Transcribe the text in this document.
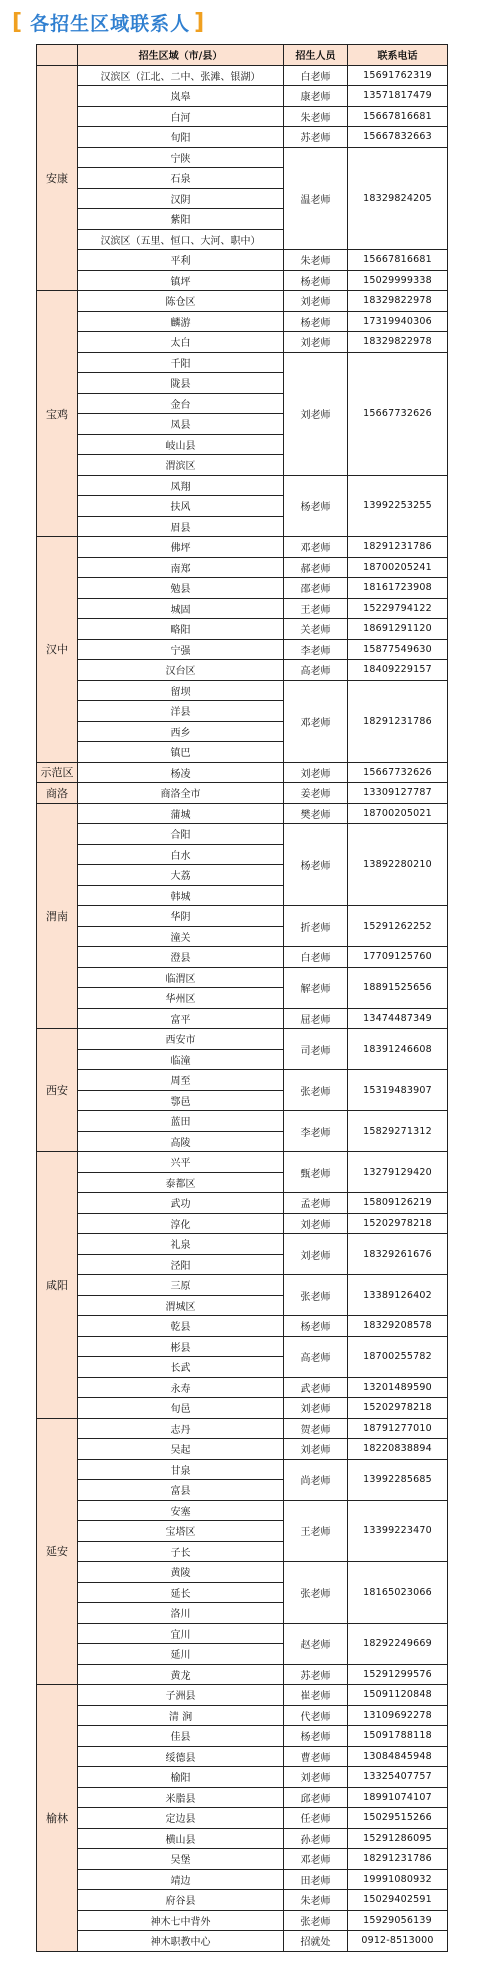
[ 各招生区域联系人 ]
	招生区域（市/县）	招生人员	联系电话
安康	汉滨区（江北、二中、张滩、银湖）	白老师	15691762319
	岚皋	康老师	13571817479
	白河	朱老师	15667816681
	旬阳	苏老师	15667832663
	宁陕	温老师	18329824205
	石泉		
	汉阴		
	紫阳		
	汉滨区（五里、恒口、大河、职中）		
	平利	朱老师	15667816681
	镇坪	杨老师	15029999338
宝鸡	陈仓区	刘老师	18329822978
	麟游	杨老师	17319940306
	太白	刘老师	18329822978
	千阳	刘老师	15667732626
	陇县		
	金台		
	凤县		
	岐山县		
	渭滨区		
	凤翔	杨老师	13992253255
	扶风		
	眉县		
汉中	佛坪	邓老师	18291231786
	南郑	郝老师	18700205241
	勉县	邵老师	18161723908
	城固	王老师	15229794122
	略阳	关老师	18691291120
	宁强	李老师	15877549630
	汉台区	高老师	18409229157
	留坝	邓老师	18291231786
	洋县		
	西乡		
	镇巴		
示范区	杨凌	刘老师	15667732626
商洛	商洛全市	姜老师	13309127787
渭南	蒲城	樊老师	18700205021
	合阳	杨老师	13892280210
	白水		
	大荔		
	韩城		
	华阴	折老师	15291262252
	潼关		
	澄县	白老师	17709125760
	临渭区	解老师	18891525656
	华州区		
	富平	屈老师	13474487349
西安	西安市	司老师	18391246608
	临潼		
	周至	张老师	15319483907
	鄠邑		
	蓝田	李老师	15829271312
	高陵		
咸阳	兴平	甄老师	13279129420
	泰都区		
	武功	孟老师	15809126219
	淳化	刘老师	15202978218
	礼泉	刘老师	18329261676
	泾阳		
	三原	张老师	13389126402
	渭城区		
	乾县	杨老师	18329208578
	彬县	高老师	18700255782
	长武		
	永寿	武老师	13201489590
	旬邑	刘老师	15202978218
延安	志丹	贺老师	18791277010
	吴起	刘老师	18220838894
	甘泉	尚老师	13992285685
	富县		
	安塞	王老师	13399223470
	宝塔区		
	子长		
	黄陵	张老师	18165023066
	延长		
	洛川		
	宜川	赵老师	18292249669
	延川		
	黄龙	苏老师	15291299576
榆林	子洲县	崔老师	15091120848
	清 涧	代老师	13109692278
	佳县	杨老师	15091788118
	绥德县	曹老师	13084845948
	榆阳	刘老师	13325407757
	米脂县	邱老师	18991074107
	定边县	任老师	15029515266
	横山县	孙老师	15291286095
	吴堡	邓老师	18291231786
	靖边	田老师	19991080932
	府谷县	朱老师	15029402591
	神木七中背外	张老师	15929056139
	神木职教中心	招就处	0912-8513000
